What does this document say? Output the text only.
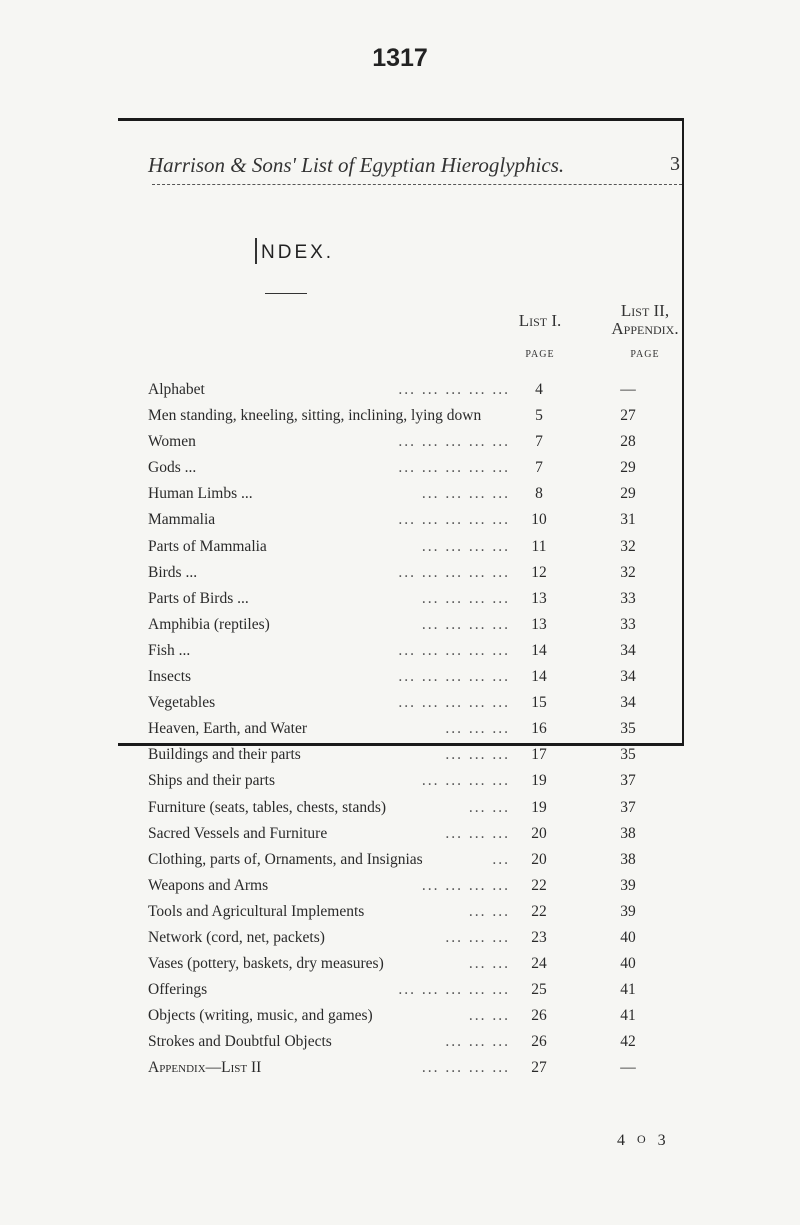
1317
Harrison & Sons' List of Egyptian Hieroglyphics.	3
NDEX.
List I.
PAGE
List II,
Appendix.
PAGE
Alphabet	... ... ... ... ...	4	—
Men standing, kneeling, sitting, inclining, lying down	5	27
Women	... ... ... ... ...	7	28
Gods ...	... ... ... ... ...	7	29
Human Limbs ...	... ... ... ...	8	29
Mammalia	... ... ... ... ...	10	31
Parts of Mammalia	... ... ... ...	11	32
Birds ...	... ... ... ... ...	12	32
Parts of Birds ...	... ... ... ...	13	33
Amphibia (reptiles)	... ... ... ...	13	33
Fish ...	... ... ... ... ...	14	34
Insects	... ... ... ... ...	14	34
Vegetables	... ... ... ... ...	15	34
Heaven, Earth, and Water	... ... ...	16	35
Buildings and their parts	... ... ...	17	35
Ships and their parts	... ... ... ...	19	37
Furniture (seats, tables, chests, stands)	... ...	19	37
Sacred Vessels and Furniture	... ... ...	20	38
Clothing, parts of, Ornaments, and Insignias	...	20	38
Weapons and Arms	... ... ... ...	22	39
Tools and Agricultural Implements	... ...	22	39
Network (cord, net, packets)	... ... ...	23	40
Vases (pottery, baskets, dry measures)	... ...	24	40
Offerings	... ... ... ... ...	25	41
Objects (writing, music, and games)	... ...	26	41
Strokes and Doubtful Objects	... ... ...	26	42
Appendix—List II	... ... ... ...	27	—
4 O 3
